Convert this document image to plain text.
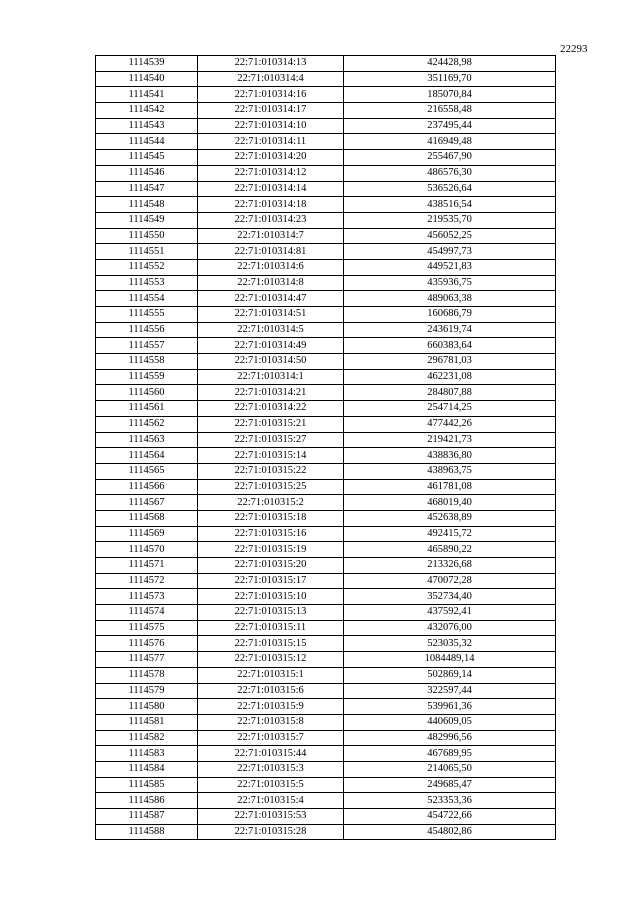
22293
1114539	22:71:010314:13	424428,98
1114540	22:71:010314:4	351169,70
1114541	22:71:010314:16	185070,84
1114542	22:71:010314:17	216558,48
1114543	22:71:010314:10	237495,44
1114544	22:71:010314:11	416949,48
1114545	22:71:010314:20	255467,90
1114546	22:71:010314:12	486576,30
1114547	22:71:010314:14	536526,64
1114548	22:71:010314:18	438516,54
1114549	22:71:010314:23	219535,70
1114550	22:71:010314:7	456052,25
1114551	22:71:010314:81	454997,73
1114552	22:71:010314:6	449521,83
1114553	22:71:010314:8	435936,75
1114554	22:71:010314:47	489063,38
1114555	22:71:010314:51	160686,79
1114556	22:71:010314:5	243619,74
1114557	22:71:010314:49	660383,64
1114558	22:71:010314:50	296781,03
1114559	22:71:010314:1	462231,08
1114560	22:71:010314:21	284807,88
1114561	22:71:010314:22	254714,25
1114562	22:71:010315:21	477442,26
1114563	22:71:010315:27	219421,73
1114564	22:71:010315:14	438836,80
1114565	22:71:010315:22	438963,75
1114566	22:71:010315:25	461781,08
1114567	22:71:010315:2	468019,40
1114568	22:71:010315:18	452638,89
1114569	22:71:010315:16	492415,72
1114570	22:71:010315:19	465890,22
1114571	22:71:010315:20	213326,68
1114572	22:71:010315:17	470072,28
1114573	22:71:010315:10	352734,40
1114574	22:71:010315:13	437592,41
1114575	22:71:010315:11	432076,00
1114576	22:71:010315:15	523035,32
1114577	22:71:010315:12	1084489,14
1114578	22:71:010315:1	502869,14
1114579	22:71:010315:6	322597,44
1114580	22:71:010315:9	539961,36
1114581	22:71:010315:8	440609,05
1114582	22:71:010315:7	482996,56
1114583	22:71:010315:44	467689,95
1114584	22:71:010315:3	214065,50
1114585	22:71:010315:5	249685,47
1114586	22:71:010315:4	523353,36
1114587	22:71:010315:53	454722,66
1114588	22:71:010315:28	454802,86
